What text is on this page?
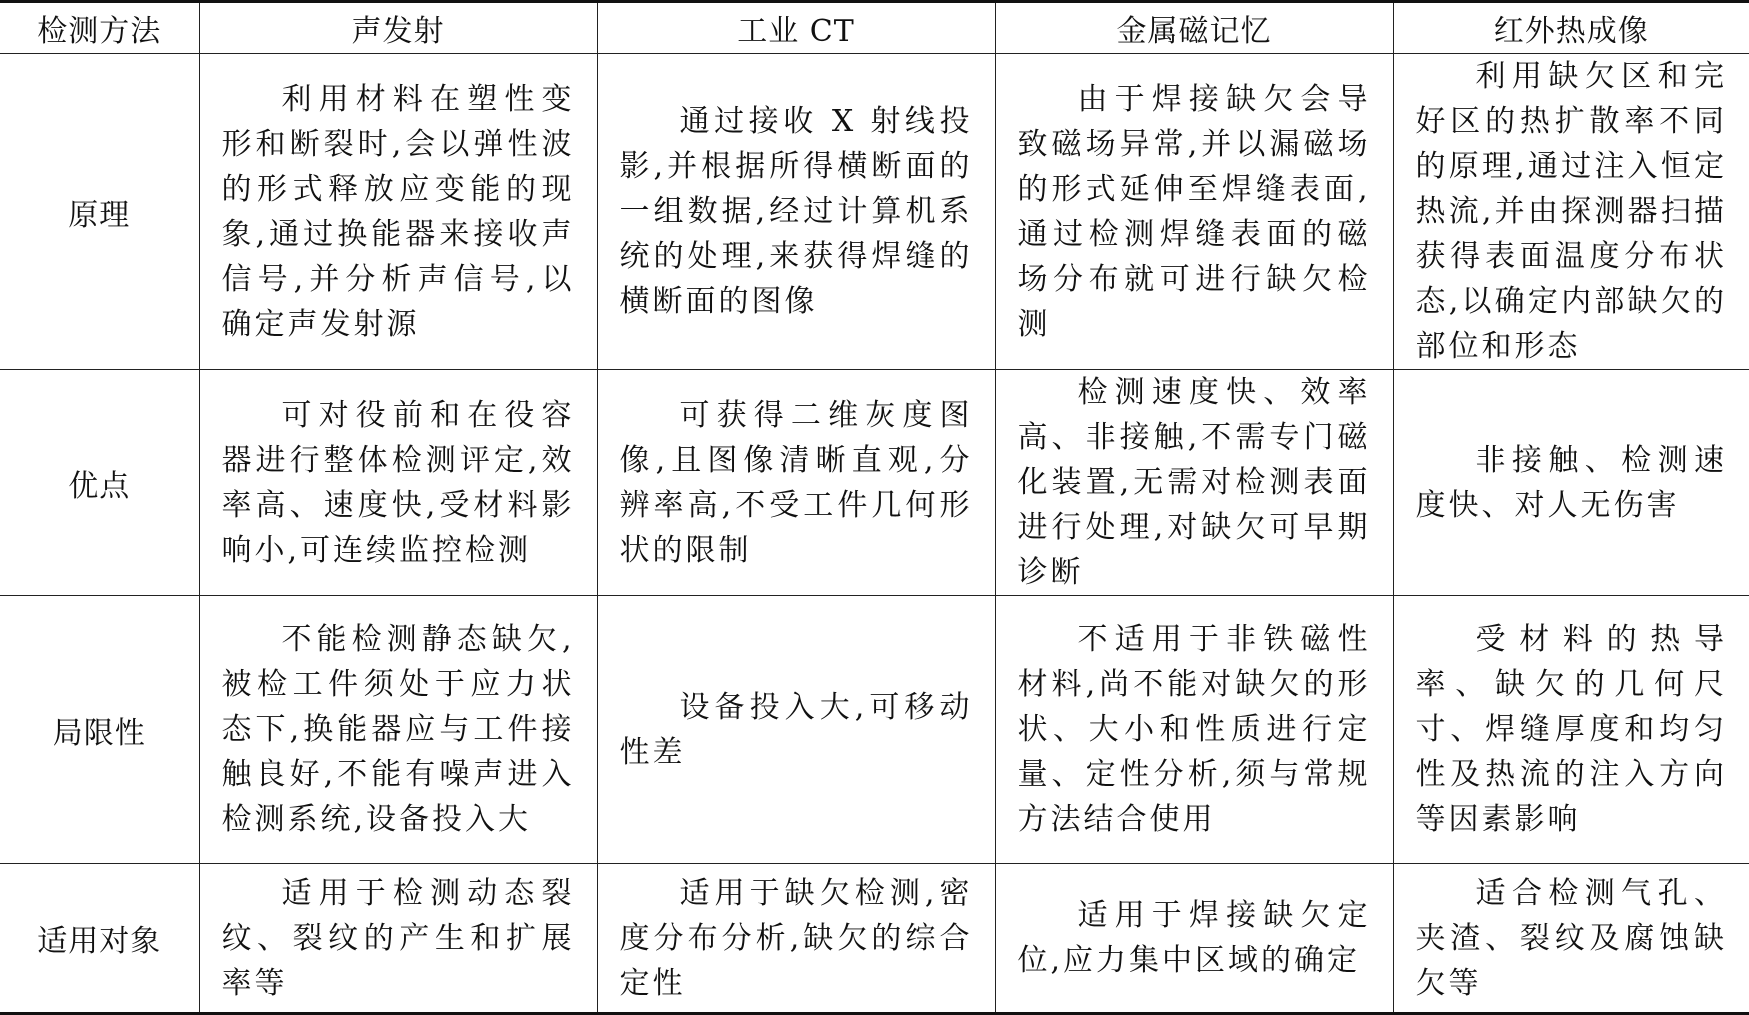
检测方法	声发射	工业 CT	金属磁记忆	红外热成像
原理	利用材料在塑性变形和断裂时,会以弹性波的形式释放应变能的现象,通过换能器来接收声信号,并分析声信号,以确定声发射源	通过接收 X 射线投影,并根据所得横断面的一组数据,经过计算机系统的处理,来获得焊缝的横断面的图像	由于焊接缺欠会导致磁场异常,并以漏磁场的形式延伸至焊缝表面,通过检测焊缝表面的磁场分布就可进行缺欠检测	利用缺欠区和完好区的热扩散率不同的原理,通过注入恒定热流,并由探测器扫描获得表面温度分布状态,以确定内部缺欠的部位和形态

优点	可对役前和在役容器进行整体检测评定,效率高、速度快,受材料影响小,可连续监控检测	可获得二维灰度图像,且图像清晰直观,分辨率高,不受工件几何形状的限制	检测速度快、效率高、非接触,不需专门磁化装置,无需对检测表面进行处理,对缺欠可早期诊断	非接触、检测速度快、对人无伤害

局限性	不能检测静态缺欠,被检工件须处于应力状态下,换能器应与工件接触良好,不能有噪声进入检测系统,设备投入大	设备投入大,可移动性差	不适用于非铁磁性材料,尚不能对缺欠的形状、大小和性质进行定量、定性分析,须与常规方法结合使用	受材料的热导率、缺欠的几何尺寸、焊缝厚度和均匀性及热流的注入方向等因素影响

适用对象	适用于检测动态裂纹、裂纹的产生和扩展率等	适用于缺欠检测,密度分布分析,缺欠的综合定性	适用于焊接缺欠定位,应力集中区域的确定	适合检测气孔、夹渣、裂纹及腐蚀缺欠等
